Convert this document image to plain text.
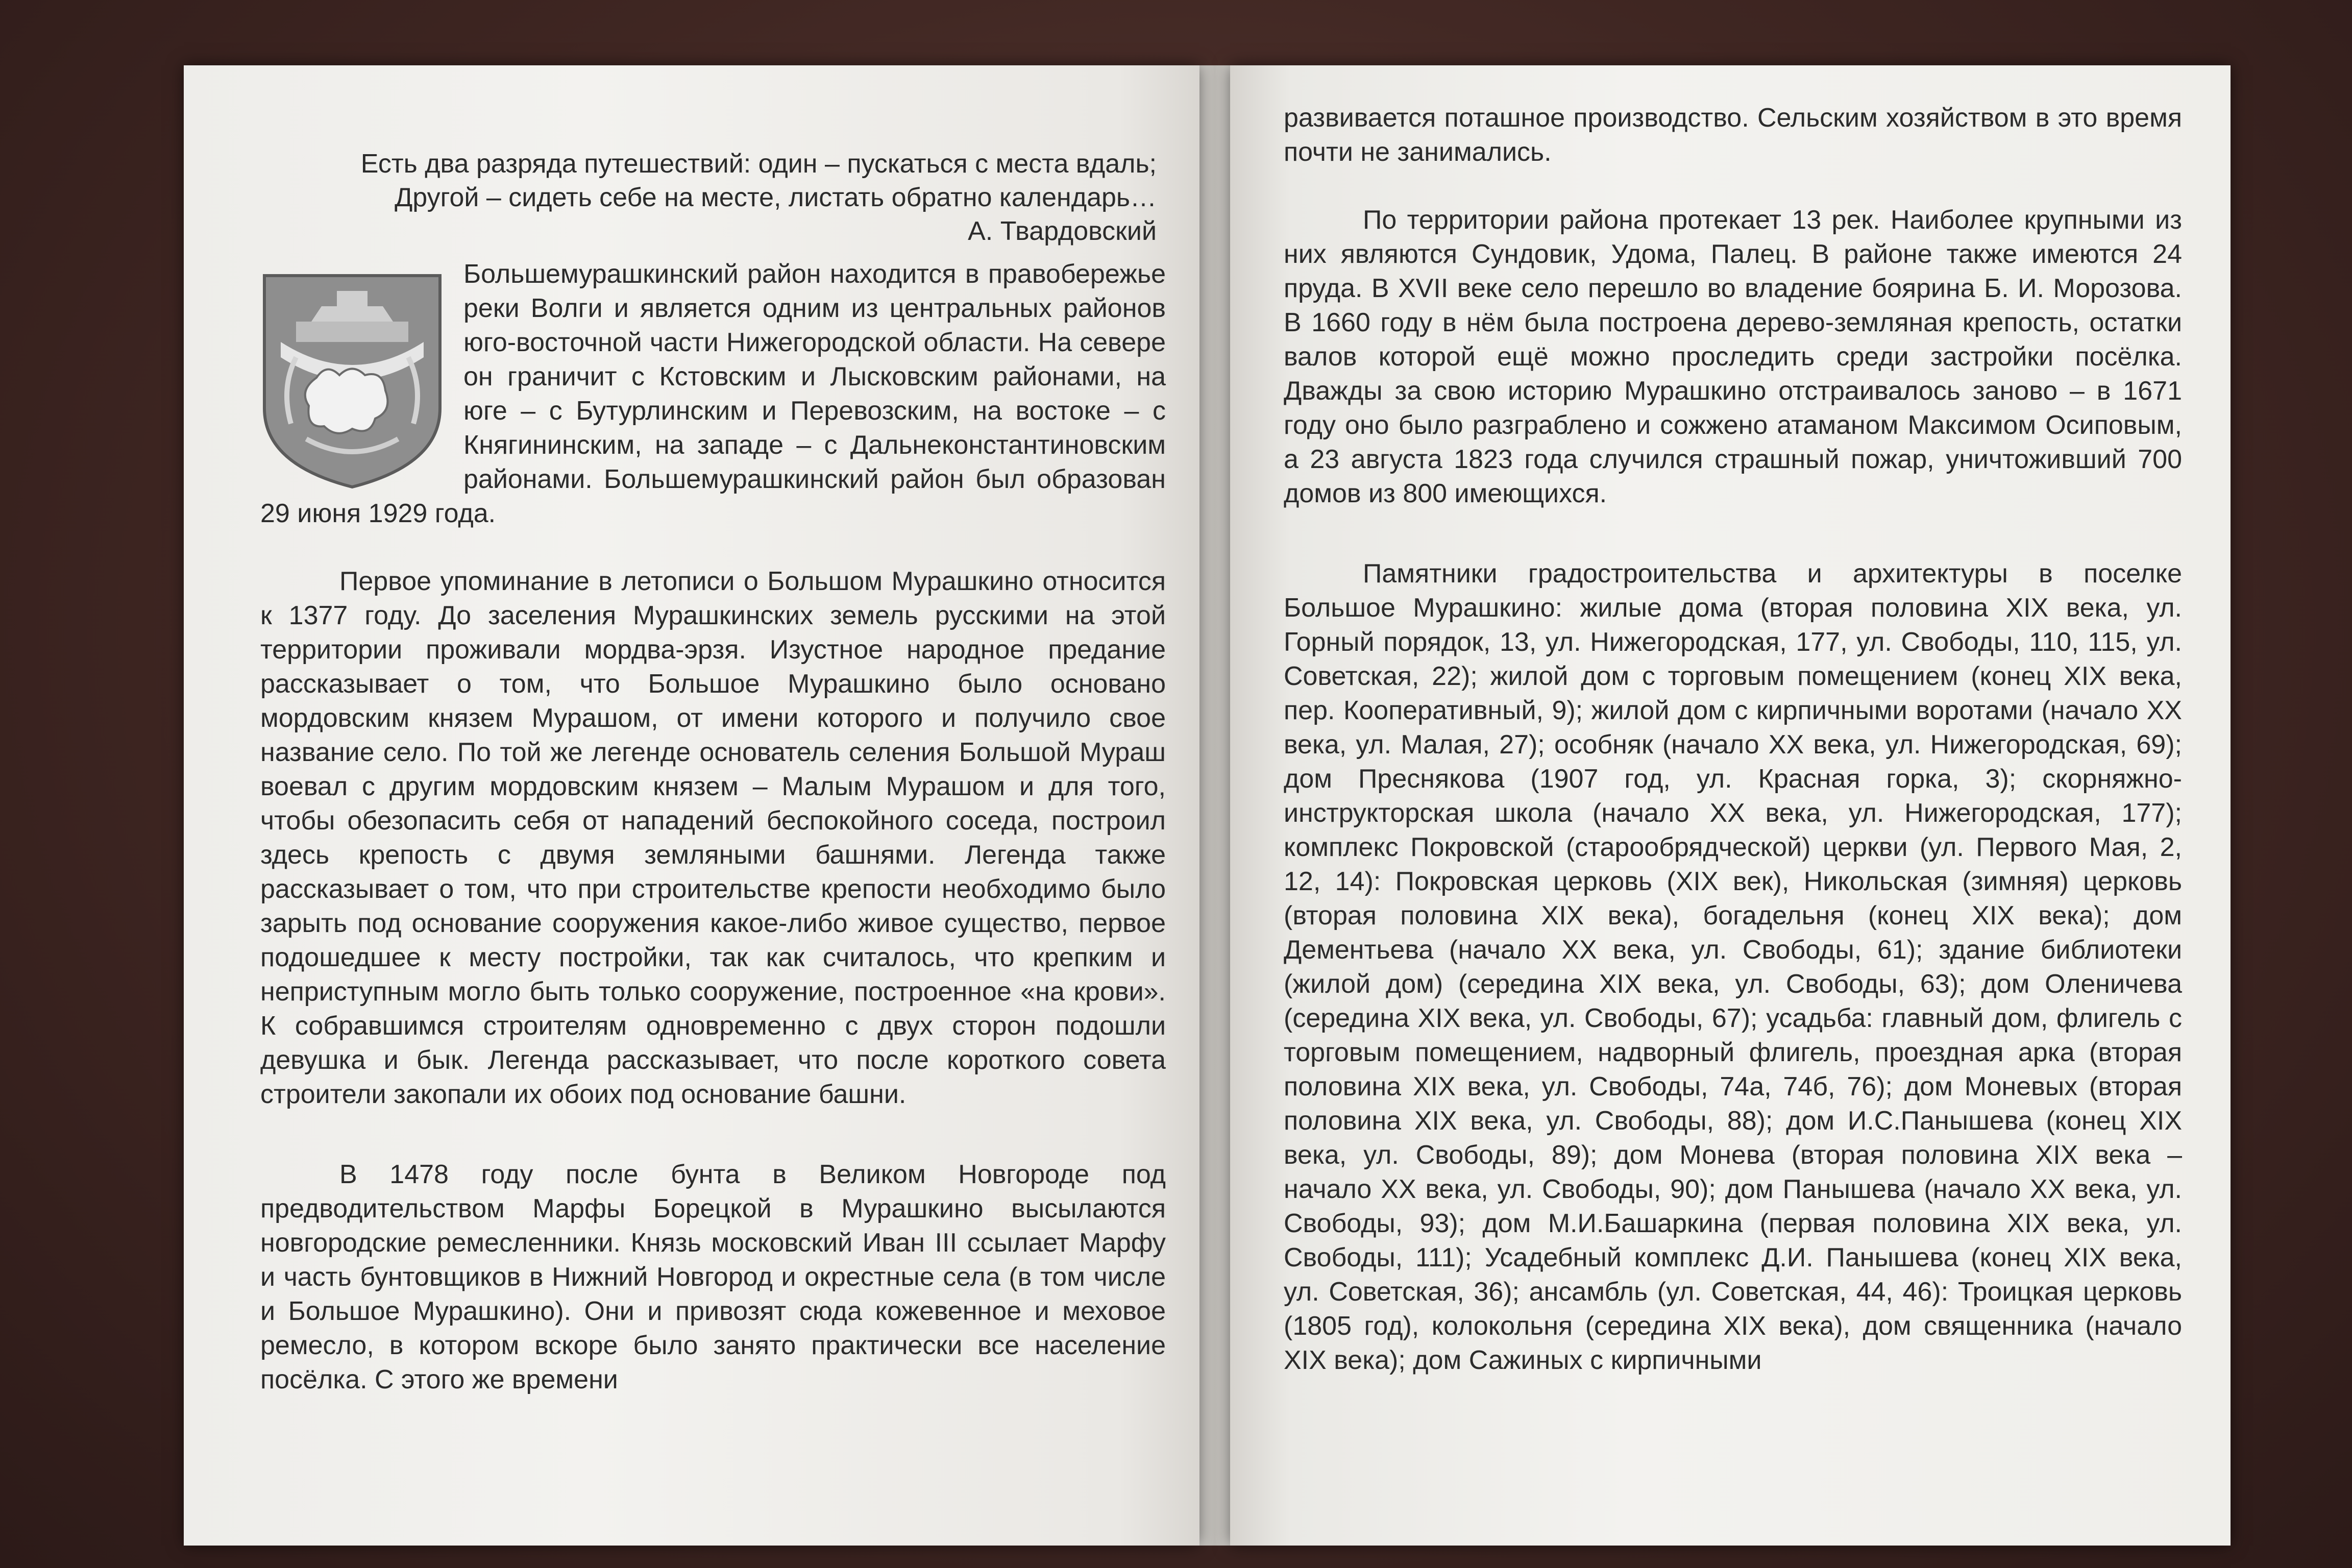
Есть два разряда путешествий: один – пускаться с места вдаль;

Другой – сидеть себе на месте, листать обратно календарь…

А. Твардовский

Большемурашкинский район находится в правобережье реки Волги и является одним из центральных районов юго-восточной части Нижегородской области. На севере он граничит с Кстовским и Лысковским районами, на юге – с Бутурлинским и Перевозским, на востоке – с Княгининским, на западе – с Дальнеконстантиновским районами. Большемурашкинский район был образован 29 июня 1929 года.

Первое упоминание в летописи о Большом Мурашкино относится к 1377 году. До заселения Мурашкинских земель русскими на этой территории проживали мордва-эрзя. Изустное народное предание рассказывает о том, что Большое Мурашкино было основано мордовским князем Мурашом, от имени которого и получило свое название село. По той же легенде основатель селения Большой Мураш воевал с другим мордовским князем – Малым Мурашом и для того, чтобы обезопасить себя от нападений беспокойного соседа, построил здесь крепость с двумя земляными башнями. Легенда также рассказывает о том, что при строительстве крепости необходимо было зарыть под основание сооружения какое-либо живое существо, первое подошедшее к месту постройки, так как считалось, что крепким и неприступным могло быть только сооружение, построенное «на крови». К собравшимся строителям одновременно с двух сторон подошли девушка и бык. Легенда рассказывает, что после короткого совета строители закопали их обоих под основание башни.

В 1478 году после бунта в Великом Новгороде под предводительством Марфы Борецкой в Мурашкино высылаются новгородские ремесленники. Князь московский Иван III ссылает Марфу и часть бунтовщиков в Нижний Новгород и окрестные села (в том числе и Большое Мурашкино). Они и привозят сюда кожевенное и меховое ремесло, в котором вскоре было занято практически все население посёлка. С этого же времени

развивается поташное производство. Сельским хозяйством в это время почти не занимались.

По территории района протекает 13 рек. Наиболее крупными из них являются Сундовик, Удома, Палец. В районе также имеются 24 пруда. В XVII веке село перешло во владение боярина Б. И. Морозова. В 1660 году в нём была построена дерево-земляная крепость, остатки валов которой ещё можно проследить среди застройки посёлка. Дважды за свою историю Мурашкино отстраивалось заново – в 1671 году оно было разграблено и сожжено атаманом Максимом Осиповым, а 23 августа 1823 года случился страшный пожар, уничтоживший 700 домов из 800 имеющихся.

Памятники градостроительства и архитектуры в поселке Большое Мурашкино: жилые дома (вторая половина XIX века, ул. Горный порядок, 13, ул. Нижегородская, 177, ул. Свободы, 110, 115, ул. Советская, 22); жилой дом с торговым помещением (конец XIX века, пер. Кооперативный, 9); жилой дом с кирпичными воротами (начало XX века, ул. Малая, 27); особняк (начало XX века, ул. Нижегородская, 69); дом Преснякова (1907 год, ул. Красная горка, 3); скорняжно-инструкторская школа (начало XX века, ул. Нижегородская, 177); комплекс Покровской (старообрядческой) церкви (ул. Первого Мая, 2, 12, 14): Покровская церковь (XIX век), Никольская (зимняя) церковь (вторая половина XIX века), богадельня (конец XIX века); дом Дементьева (начало XX века, ул. Свободы, 61); здание библиотеки (жилой дом) (середина XIX века, ул. Свободы, 63); дом Оленичева (середина XIX века, ул. Свободы, 67); усадьба: главный дом, флигель с торговым помещением, надворный флигель, проездная арка (вторая половина XIX века, ул. Свободы, 74а, 74б, 76); дом Моневых (вторая половина XIX века, ул. Свободы, 88); дом И.С.Панышева (конец XIX века, ул. Свободы, 89); дом Монева (вторая половина XIX века – начало XX века, ул. Свободы, 90); дом Панышева (начало XX века, ул. Свободы, 93); дом М.И.Башаркина (первая половина XIX века, ул. Свободы, 111); Усадебный комплекс Д.И. Панышева (конец XIX века, ул. Советская, 36); ансамбль (ул. Советская, 44, 46): Троицкая церковь (1805 год), колокольня (середина XIX века), дом священника (начало XIX века); дом Сажиных с кирпичными
